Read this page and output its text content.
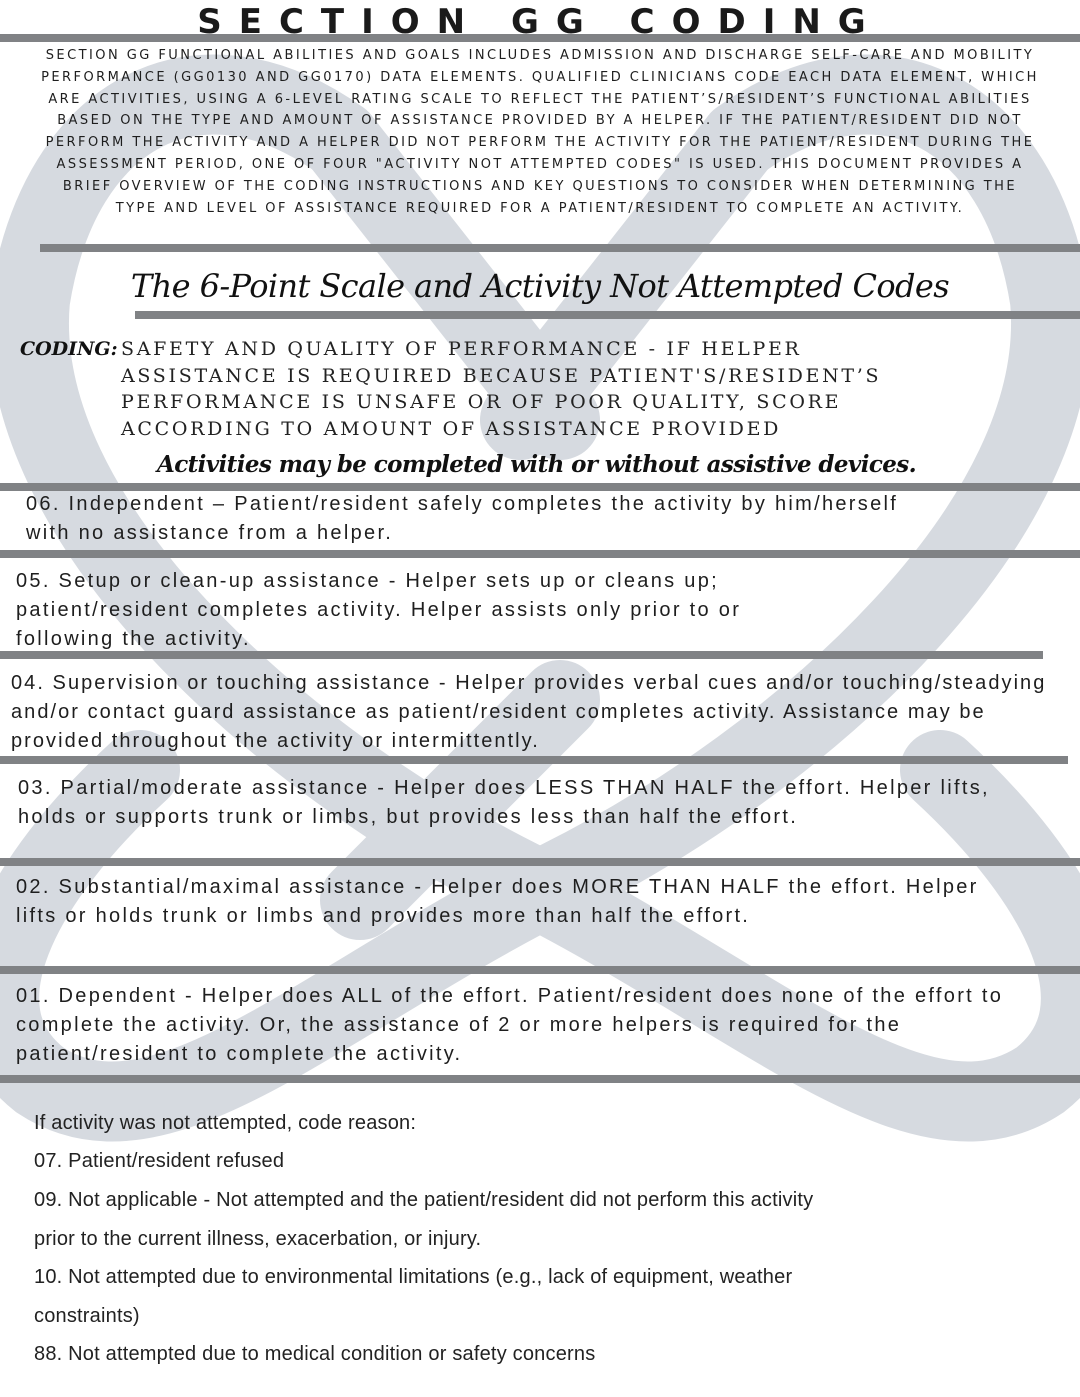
SECTION GG CODING
SECTION GG FUNCTIONAL ABILITIES AND GOALS INCLUDES ADMISSION AND DISCHARGE SELF-CARE AND MOBILITY PERFORMANCE (GG0130 AND GG0170) DATA ELEMENTS. QUALIFIED CLINICIANS CODE EACH DATA ELEMENT, WHICH ARE ACTIVITIES, USING A 6-LEVEL RATING SCALE TO REFLECT THE PATIENT’S/RESIDENT’S FUNCTIONAL ABILITIES BASED ON THE TYPE AND AMOUNT OF ASSISTANCE PROVIDED BY A HELPER. IF THE PATIENT/RESIDENT DID NOT PERFORM THE ACTIVITY AND A HELPER DID NOT PERFORM THE ACTIVITY FOR THE PATIENT/RESIDENT DURING THE ASSESSMENT PERIOD, ONE OF FOUR "ACTIVITY NOT ATTEMPTED CODES" IS USED. THIS DOCUMENT PROVIDES A BRIEF OVERVIEW OF THE CODING INSTRUCTIONS AND KEY QUESTIONS TO CONSIDER WHEN DETERMINING THE TYPE AND LEVEL OF ASSISTANCE REQUIRED FOR A PATIENT/RESIDENT TO COMPLETE AN ACTIVITY.
The 6-Point Scale and Activity Not Attempted Codes
CODING: SAFETY AND QUALITY OF PERFORMANCE - IF HELPER ASSISTANCE IS REQUIRED BECAUSE PATIENT'S/RESIDENT’S PERFORMANCE IS UNSAFE OR OF POOR QUALITY, SCORE ACCORDING TO AMOUNT OF ASSISTANCE PROVIDED
Activities may be completed with or without assistive devices.
06. Independent – Patient/resident safely completes the activity by him/herself with no assistance from a helper.
05. Setup or clean-up assistance - Helper sets up or cleans up; patient/resident completes activity. Helper assists only prior to or following the activity.
04. Supervision or touching assistance - Helper provides verbal cues and/or touching/steadying and/or contact guard assistance as patient/resident completes activity. Assistance may be provided throughout the activity or intermittently.
03. Partial/moderate assistance - Helper does LESS THAN HALF the effort. Helper lifts, holds or supports trunk or limbs, but provides less than half the effort.
02. Substantial/maximal assistance - Helper does MORE THAN HALF the effort. Helper lifts or holds trunk or limbs and provides more than half the effort.
01. Dependent - Helper does ALL of the effort. Patient/resident does none of the effort to complete the activity. Or, the assistance of 2 or more helpers is required for the patient/resident to complete the activity.
If activity was not attempted, code reason:
07. Patient/resident refused
09. Not applicable - Not attempted and the patient/resident did not perform this activity prior to the current illness, exacerbation, or injury.
10. Not attempted due to environmental limitations (e.g., lack of equipment, weather constraints)
88. Not attempted due to medical condition or safety concerns
